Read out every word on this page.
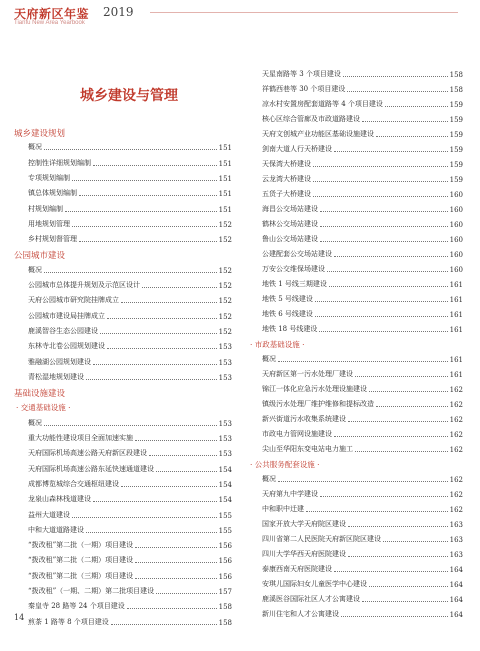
天府新区年鉴 2019
Tianfu New Area Yearbook
城乡建设与管理
城乡建设规划
概况	151
控制性详细规划编制	151
专项规划编制	151
镇总体规划编制	151
村规划编制	151
用地规划管理	152
乡村规划督管理	152
公园城市建设
概况	152
公园城市总体提升规划及示范区设计	152
天府公园城市研究院挂牌成立	152
公园城市建设局挂牌成立	152
鹿溪智谷生态公园建设	152
东林寺北卷公园规划建设	153
雅融湖公园规划建设	153
青松湿地规划建设	153
基础设施建设
· 交通基础设施 ·
概况	153
重大功能性建设项目全面加速实施	153
天府国际机场高速公路天府新区段建设	153
天府国际机场高速公路东延快速通道建设	154
成都博览城综合交通枢纽建设	154
龙泉山森林栈道建设	154
益州大道建设	155
中和大道道路建设	155
“拨改租”第二批（一期）项目建设	156
“拨改租”第二批（二期）项目建设	156
“拨改租”第二批（三期）项目建设	156
“拨改租”（一期、二期）第二批项目建设	157
秦皇寺 28 路等 24 个项目建设	158
煎茶 1 路等 8 个项目建设	158
天星南路等 3 个项目建设	158
祥鹤西巷等 30 个项目建设	158
凉水村安置房配套道路等 4 个项目建设	159
核心区综合管廊及市政道路建设	159
天府文创城产业功能区基础设施建设	159
剑南大道人行天桥建设	159
天保湾大桥建设	159
云龙湾大桥建设	159
五货子大桥建设	160
海昌公交场站建设	160
鹤林公交场站建设	160
鲁山公交场站建设	160
公建配套公交场站建设	160
万安公交维保场建设	160
地铁 1 号线三期建设	161
地铁 5 号线建设	161
地铁 6 号线建设	161
地铁 18 号线建设	161
· 市政基础设施 ·
概况	161
天府新区第一污水处理厂建设	161
锦江一体化应急污水处理设施建设	162
镇级污水处理厂维护维修和提标改造	162
新兴街道污水收集系统建设	162
市政电力管网设施建设	162
尖山至华阳东变电站电力施工	162
· 公共服务配套设施 ·
概况	162
天府第九中学建设	162
中和职中迁建	162
国家开放大学天府院区建设	163
四川省第二人民医院天府新区院区建设	163
四川大学华西天府医院建设	163
泰康西南天府医院建设	164
安琪儿国际妇女儿童医学中心建设	164
鹿溪医谷国际社区人才公寓建设	164
新川住宅和人才公寓建设	164
14
